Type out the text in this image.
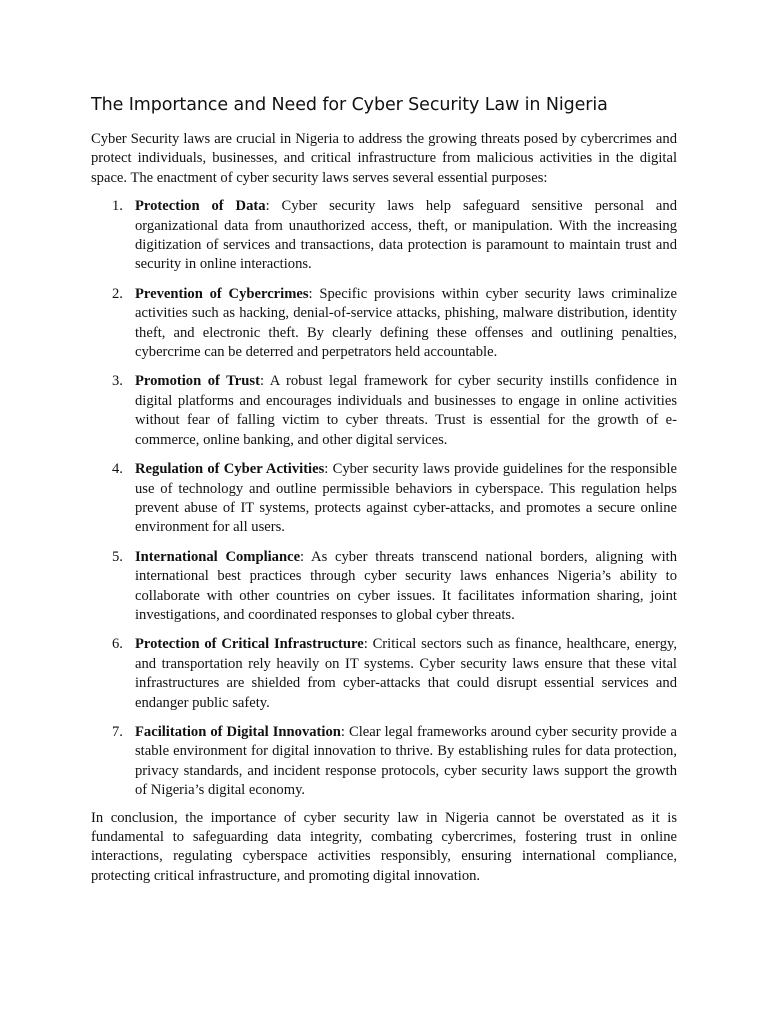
The Importance and Need for Cyber Security Law in Nigeria

Cyber Security laws are crucial in Nigeria to address the growing threats posed by cybercrimes and protect individuals, businesses, and critical infrastructure from malicious activities in the digital space. The enactment of cyber security laws serves several essential purposes:

1. Protection of Data: Cyber security laws help safeguard sensitive personal and organizational data from unauthorized access, theft, or manipulation. With the increasing digitization of services and transactions, data protection is paramount to maintain trust and security in online interactions.
2. Prevention of Cybercrimes: Specific provisions within cyber security laws criminalize activities such as hacking, denial-of-service attacks, phishing, malware distribution, identity theft, and electronic theft. By clearly defining these offenses and outlining penalties, cybercrime can be deterred and perpetrators held accountable.
3. Promotion of Trust: A robust legal framework for cyber security instills confidence in digital platforms and encourages individuals and businesses to engage in online activities without fear of falling victim to cyber threats. Trust is essential for the growth of e-commerce, online banking, and other digital services.
4. Regulation of Cyber Activities: Cyber security laws provide guidelines for the responsible use of technology and outline permissible behaviors in cyberspace. This regulation helps prevent abuse of IT systems, protects against cyber-attacks, and promotes a secure online environment for all users.
5. International Compliance: As cyber threats transcend national borders, aligning with international best practices through cyber security laws enhances Nigeria’s ability to collaborate with other countries on cyber issues. It facilitates information sharing, joint investigations, and coordinated responses to global cyber threats.
6. Protection of Critical Infrastructure: Critical sectors such as finance, healthcare, energy, and transportation rely heavily on IT systems. Cyber security laws ensure that these vital infrastructures are shielded from cyber-attacks that could disrupt essential services and endanger public safety.
7. Facilitation of Digital Innovation: Clear legal frameworks around cyber security provide a stable environment for digital innovation to thrive. By establishing rules for data protection, privacy standards, and incident response protocols, cyber security laws support the growth of Nigeria’s digital economy.

In conclusion, the importance of cyber security law in Nigeria cannot be overstated as it is fundamental to safeguarding data integrity, combating cybercrimes, fostering trust in online interactions, regulating cyberspace activities responsibly, ensuring international compliance, protecting critical infrastructure, and promoting digital innovation.
